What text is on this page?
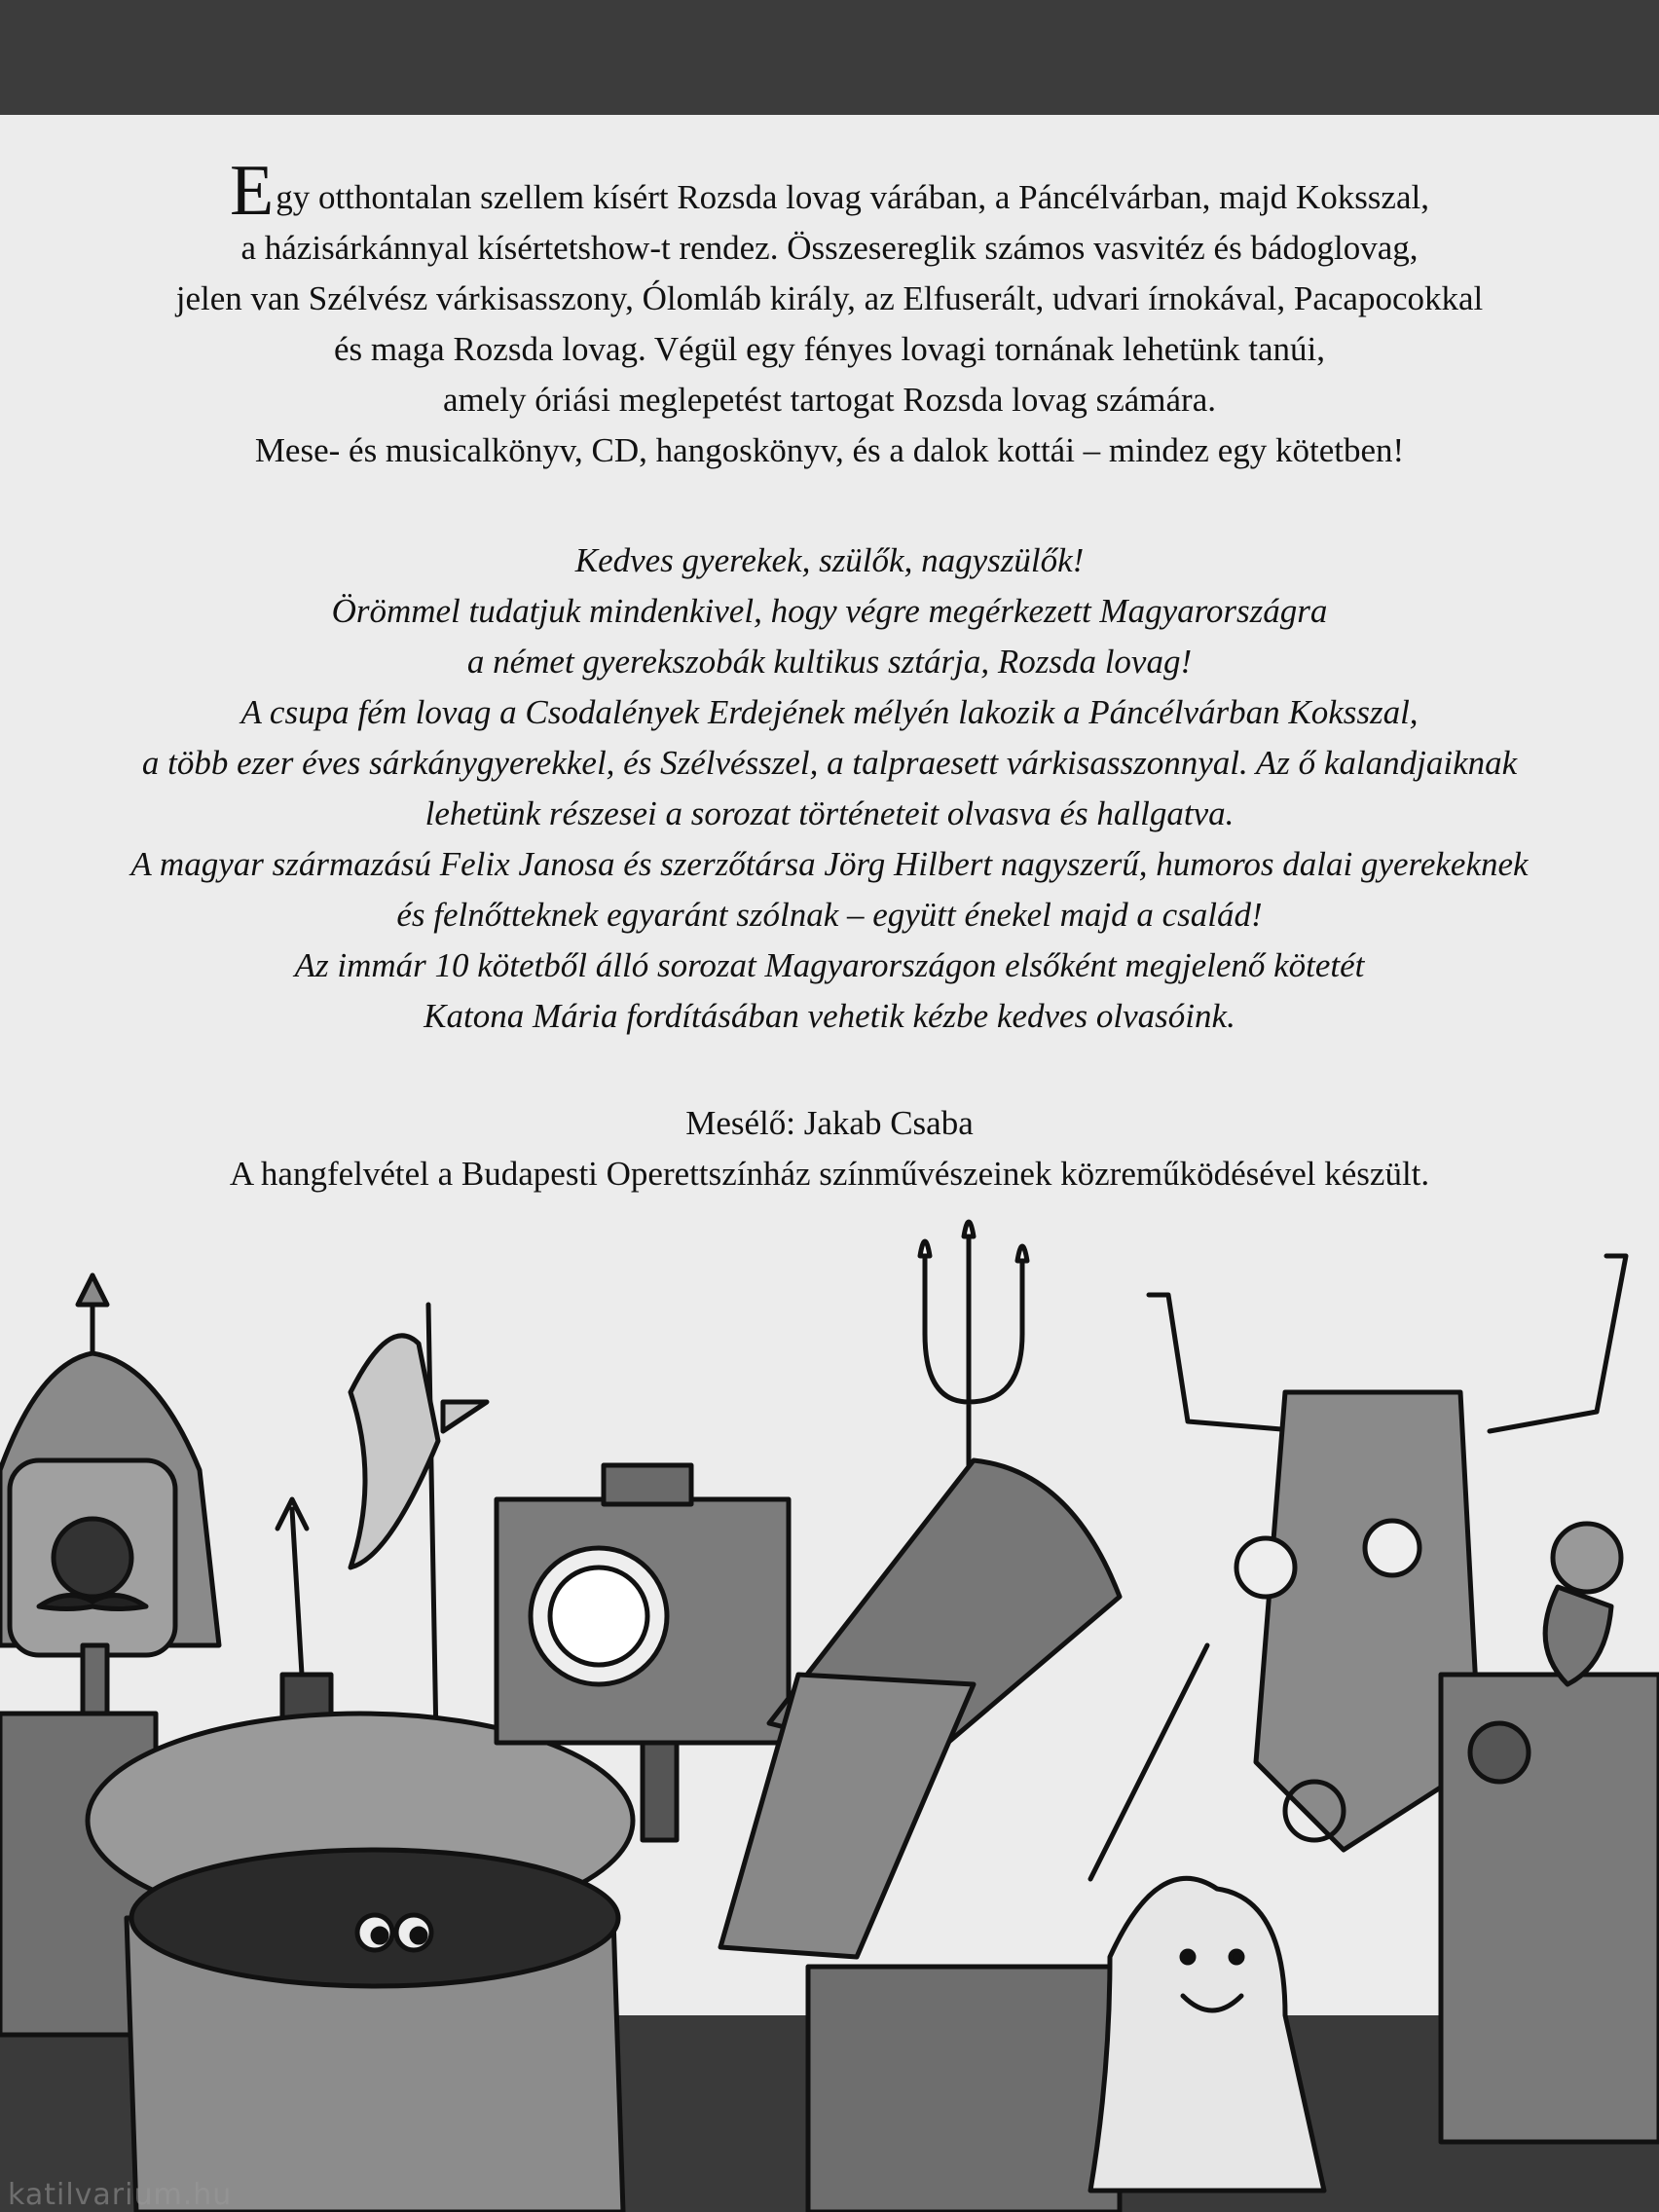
Egy otthontalan szellem kísért Rozsda lovag várában, a Páncélvárban, majd Koksszal,
a házisárkánnyal kísértetshow-t rendez. Összesereglik számos vasvitéz és bádoglovag,
jelen van Szélvész várkisasszony, Ólomláb király, az Elfuserált, udvari írnokával, Pacapocokkal
és maga Rozsda lovag. Végül egy fényes lovagi tornának lehetünk tanúi,
amely óriási meglepetést tartogat Rozsda lovag számára.
Mese- és musicalkönyv, CD, hangoskönyv, és a dalok kottái – mindez egy kötetben!
Kedves gyerekek, szülők, nagyszülők!
Örömmel tudatjuk mindenkivel, hogy végre megérkezett Magyarországra
a német gyerekszobák kultikus sztárja, Rozsda lovag!
A csupa fém lovag a Csodalények Erdejének mélyén lakozik a Páncélvárban Koksszal,
a több ezer éves sárkánygyerekkel, és Szélvésszel, a talpraesett várkisasszonnyal. Az ő kalandjaiknak
lehetünk részesei a sorozat történeteit olvasva és hallgatva.
A magyar származású Felix Janosa és szerzőtársa Jörg Hilbert nagyszerű, humoros dalai gyerekeknek
és felnőtteknek egyaránt szólnak – együtt énekel majd a család!
Az immár 10 kötetből álló sorozat Magyarországon elsőként megjelenő kötetét
Katona Mária fordításában vehetik kézbe kedves olvasóink.
Mesélő: Jakab Csaba
A hangfelvétel a Budapesti Operettszínház színművészeinek közreműködésével készült.
katilvarium.hu
